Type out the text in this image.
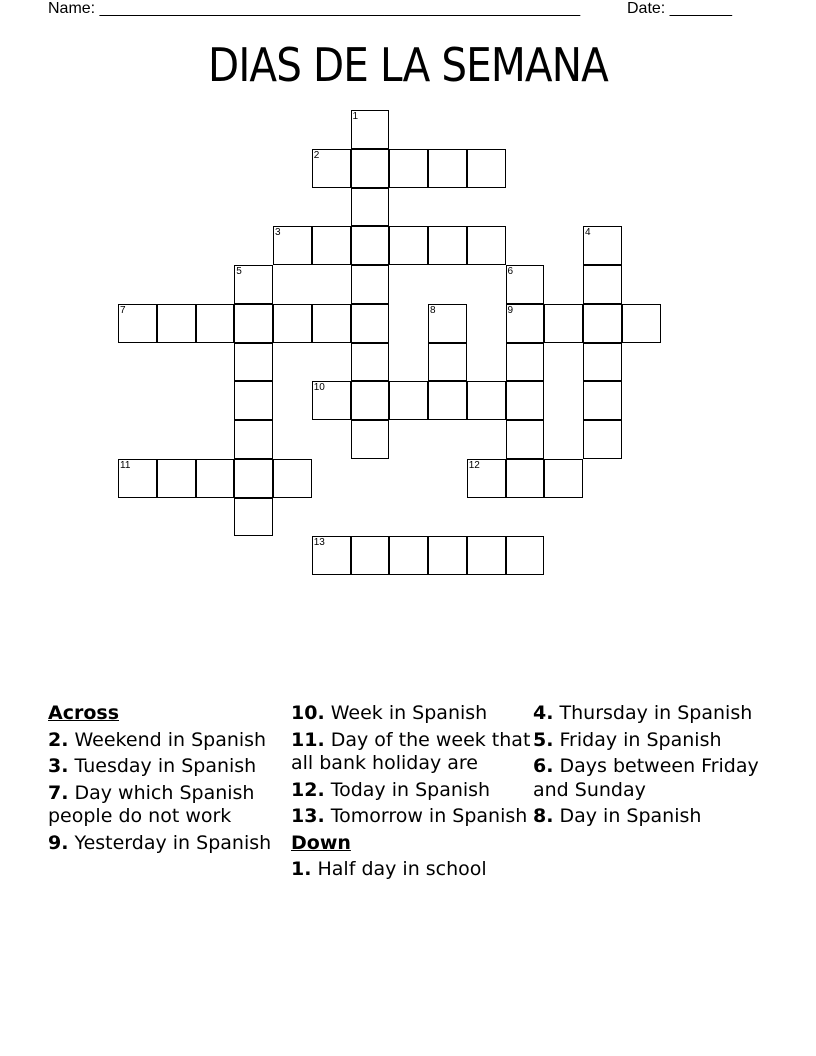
Name: ______________________________________________________	Date: _______
DIAS DE LA SEMANA
1
2
3	4
5	6
9
7	8
10
11	12
13
Across
2. Weekend in Spanish
3. Tuesday in Spanish
7. Day which Spanish people do not work
9. Yesterday in Spanish
10. Week in Spanish
11. Day of the week that all bank holiday are
12. Today in Spanish
13. Tomorrow in Spanish
Down
1. Half day in school
4. Thursday in Spanish
5. Friday in Spanish
6. Days between Friday and Sunday
8. Day in Spanish
